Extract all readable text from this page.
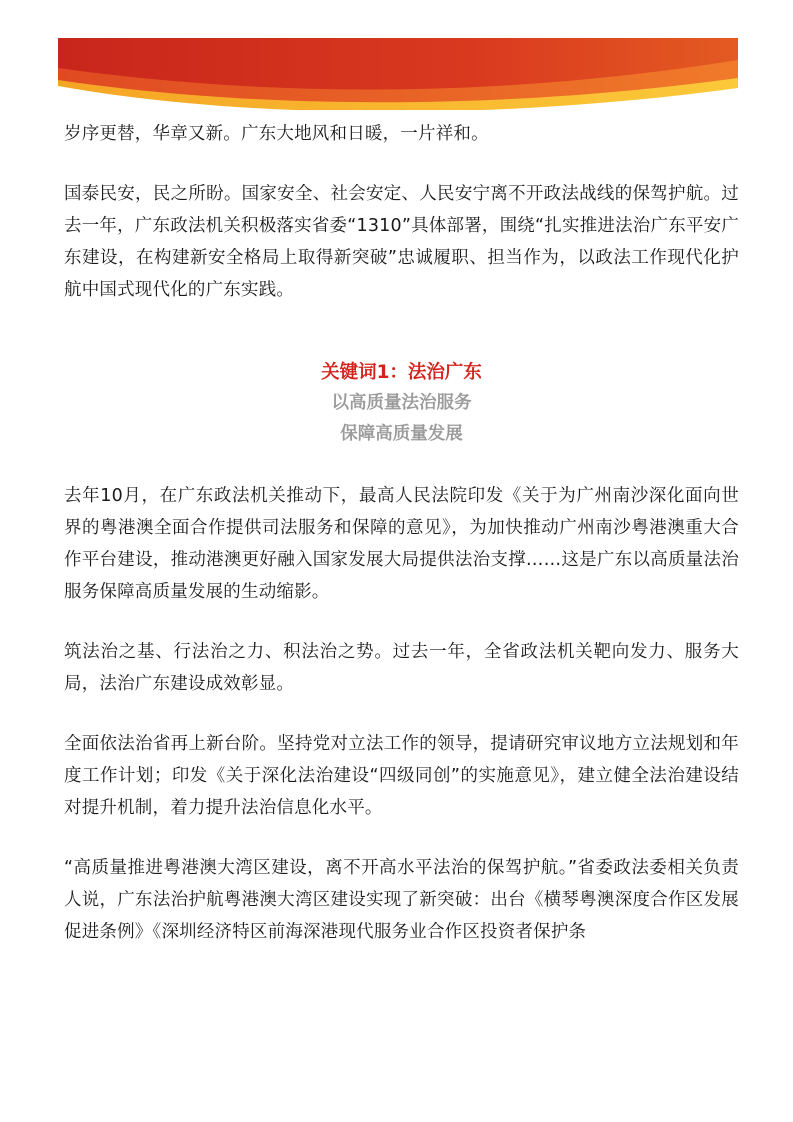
岁序更替，华章又新。广东大地风和日暖，一片祥和。

国泰民安，民之所盼。国家安全、社会安定、人民安宁离不开政法战线的保驾护航。过去一年，广东政法机关积极落实省委“1310”具体部署，围绕“扎实推进法治广东平安广东建设，在构建新安全格局上取得新突破”忠诚履职、担当作为，以政法工作现代化护航中国式现代化的广东实践。

关键词1：法治广东

以高质量法治服务

保障高质量发展

去年10月，在广东政法机关推动下，最高人民法院印发《关于为广州南沙深化面向世界的粤港澳全面合作提供司法服务和保障的意见》，为加快推动广州南沙粤港澳重大合作平台建设，推动港澳更好融入国家发展大局提供法治支撑……这是广东以高质量法治服务保障高质量发展的生动缩影。

筑法治之基、行法治之力、积法治之势。过去一年，全省政法机关靶向发力、服务大局，法治广东建设成效彰显。

全面依法治省再上新台阶。坚持党对立法工作的领导，提请研究审议地方立法规划和年度工作计划；印发《关于深化法治建设“四级同创”的实施意见》，建立健全法治建设结对提升机制，着力提升法治信息化水平。

“高质量推进粤港澳大湾区建设，离不开高水平法治的保驾护航。”省委政法委相关负责人说，广东法治护航粤港澳大湾区建设实现了新突破：出台《横琴粤澳深度合作区发展促进条例》《深圳经济特区前海深港现代服务业合作区投资者保护条
